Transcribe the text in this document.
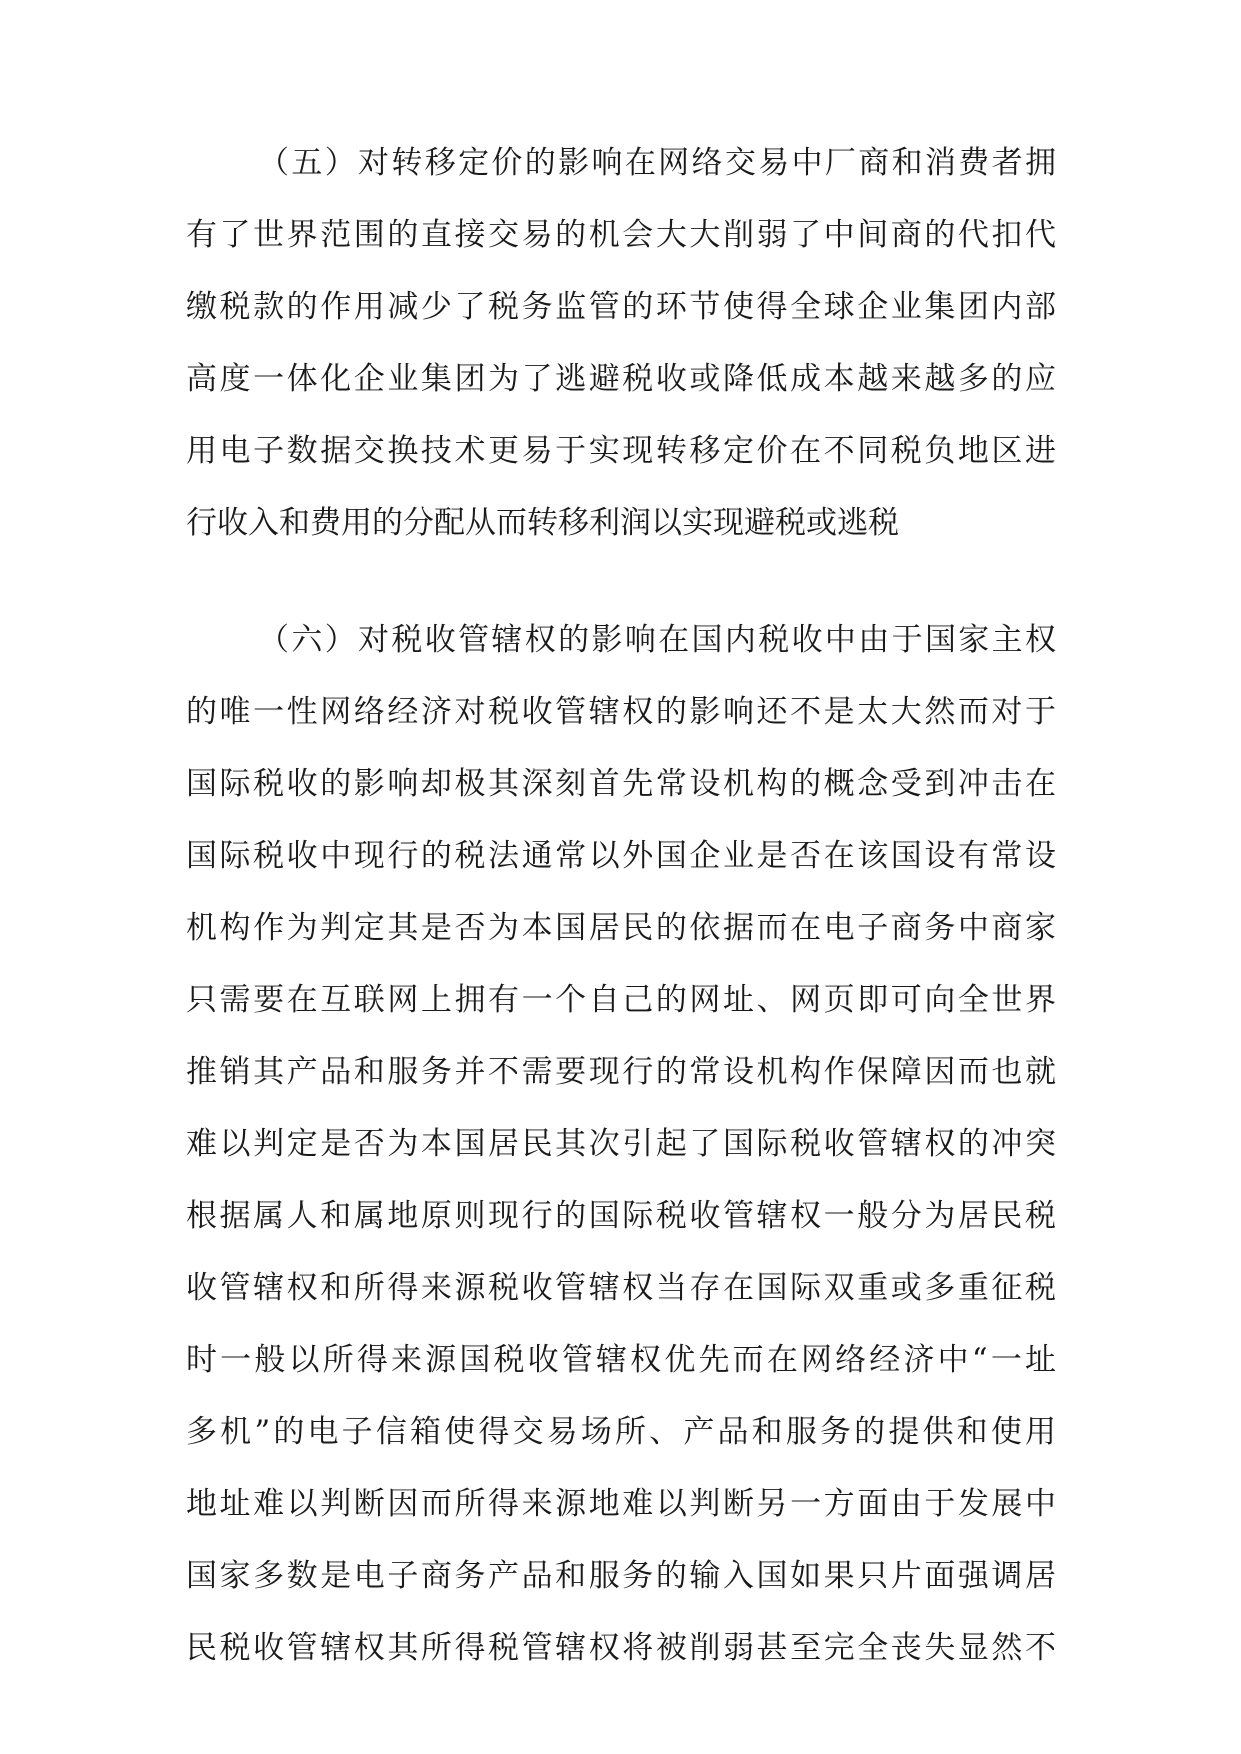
（五）对转移定价的影响在网络交易中厂商和消费者拥
有了世界范围的直接交易的机会大大削弱了中间商的代扣代
缴税款的作用减少了税务监管的环节使得全球企业集团内部
高度一体化企业集团为了逃避税收或降低成本越来越多的应
用电子数据交换技术更易于实现转移定价在不同税负地区进
行收入和费用的分配从而转移利润以实现避税或逃税
（六）对税收管辖权的影响在国内税收中由于国家主权
的唯一性网络经济对税收管辖权的影响还不是太大然而对于
国际税收的影响却极其深刻首先常设机构的概念受到冲击在
国际税收中现行的税法通常以外国企业是否在该国设有常设
机构作为判定其是否为本国居民的依据而在电子商务中商家
只需要在互联网上拥有一个自己的网址、网页即可向全世界
推销其产品和服务并不需要现行的常设机构作保障因而也就
难以判定是否为本国居民其次引起了国际税收管辖权的冲突
根据属人和属地原则现行的国际税收管辖权一般分为居民税
收管辖权和所得来源税收管辖权当存在国际双重或多重征税
时一般以所得来源国税收管辖权优先而在网络经济中“一址
多机”的电子信箱使得交易场所、产品和服务的提供和使用
地址难以判断因而所得来源地难以判断另一方面由于发展中
国家多数是电子商务产品和服务的输入国如果只片面强调居
民税收管辖权其所得税管辖权将被削弱甚至完全丧失显然不
